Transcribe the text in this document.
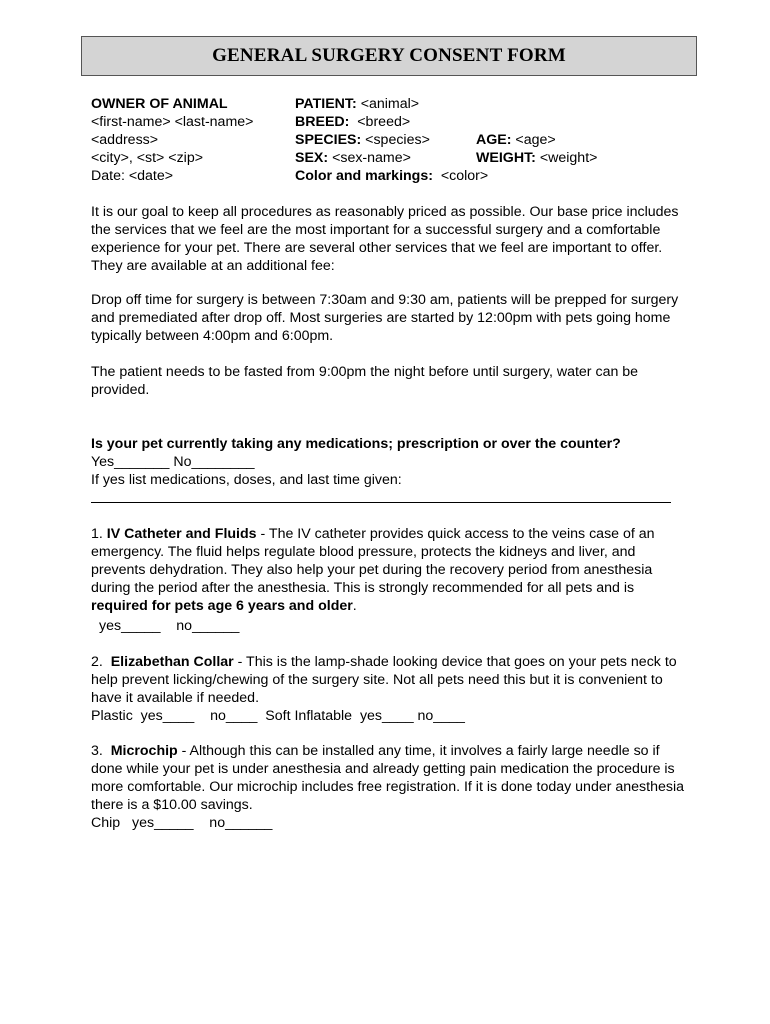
GENERAL SURGERY CONSENT FORM
OWNER OF ANIMAL
<first-name> <last-name>
<address>
<city>, <st> <zip>
Date: <date>
PATIENT: <animal>
BREED:  <breed>
SPECIES: <species>	AGE: <age>
SEX: <sex-name>	WEIGHT: <weight>
Color and markings:  <color>
It is our goal to keep all procedures as reasonably priced as possible. Our base price includes the services that we feel are the most important for a successful surgery and a comfortable experience for your pet. There are several other services that we feel are important to offer. They are available at an additional fee:
Drop off time for surgery is between 7:30am and 9:30 am, patients will be prepped for surgery and premediated after drop off. Most surgeries are started by 12:00pm with pets going home typically between 4:00pm and 6:00pm.
The patient needs to be fasted from 9:00pm the night before until surgery, water can be provided.
Is your pet currently taking any medications; prescription or over the counter?
Yes_______ No________
If yes list medications, doses, and last time given:
1. IV Catheter and Fluids - The IV catheter provides quick access to the veins case of an emergency. The fluid helps regulate blood pressure, protects the kidneys and liver, and prevents dehydration. They also help your pet during the recovery period from anesthesia during the period after the anesthesia. This is strongly recommended for all pets and is required for pets age 6 years and older.
yes_____    no______
2.  Elizabethan Collar - This is the lamp-shade looking device that goes on your pets neck to help prevent licking/chewing of the surgery site. Not all pets need this but it is convenient to have it available if needed.
Plastic  yes____    no____  Soft Inflatable  yes____ no____
3.  Microchip - Although this can be installed any time, it involves a fairly large needle so if done while your pet is under anesthesia and already getting pain medication the procedure is more comfortable. Our microchip includes free registration. If it is done today under anesthesia there is a $10.00 savings.
Chip   yes_____    no______
